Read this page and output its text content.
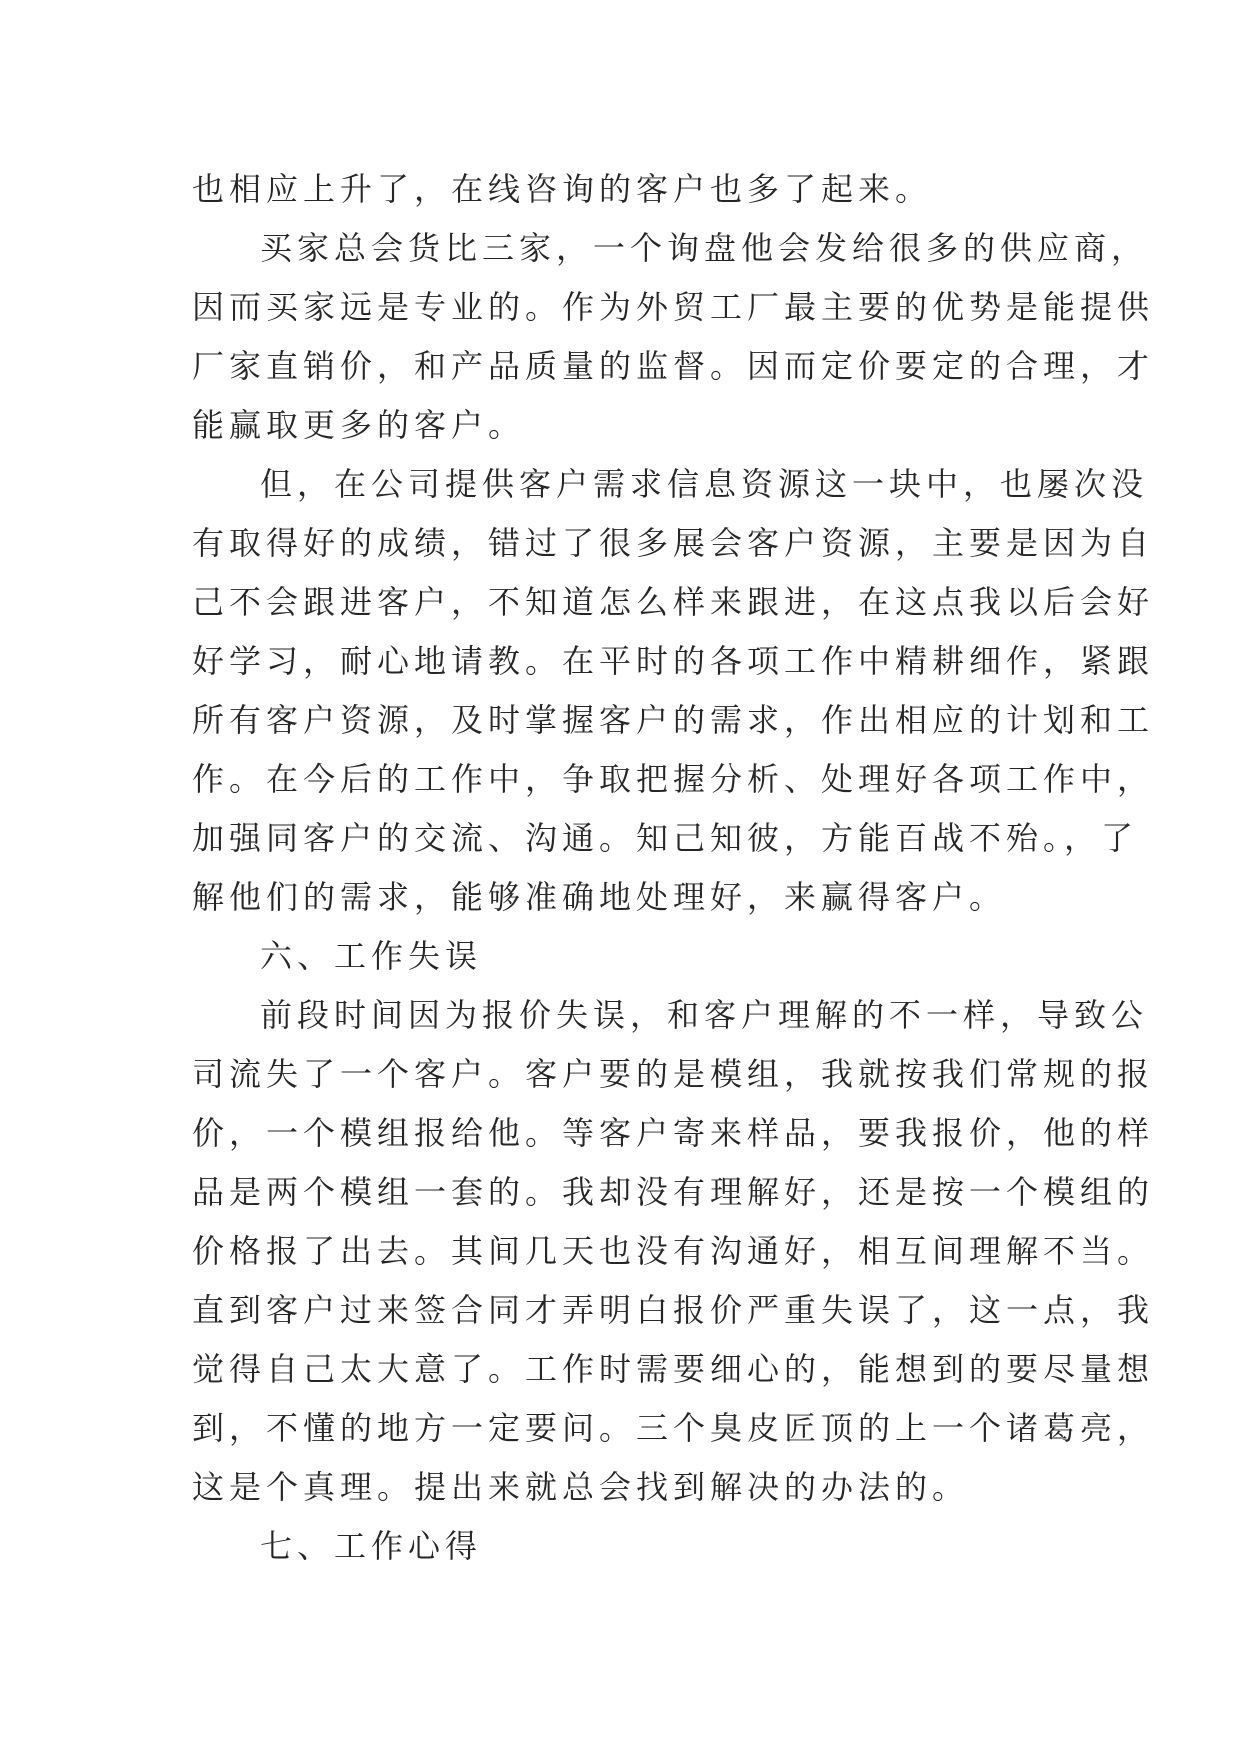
也相应上升了，在线咨询的客户也多了起来。
买家总会货比三家，一个询盘他会发给很多的供应商，
因而买家远是专业的。作为外贸工厂最主要的优势是能提供
厂家直销价，和产品质量的监督。因而定价要定的合理，才
能赢取更多的客户。
但，在公司提供客户需求信息资源这一块中，也屡次没
有取得好的成绩，错过了很多展会客户资源，主要是因为自
己不会跟进客户，不知道怎么样来跟进，在这点我以后会好
好学习，耐心地请教。在平时的各项工作中精耕细作，紧跟
所有客户资源，及时掌握客户的需求，作出相应的计划和工
作。在今后的工作中，争取把握分析、处理好各项工作中，
加强同客户的交流、沟通。知己知彼，方能百战不殆。，了
解他们的需求，能够准确地处理好，来赢得客户。
六、工作失误
前段时间因为报价失误，和客户理解的不一样，导致公
司流失了一个客户。客户要的是模组，我就按我们常规的报
价，一个模组报给他。等客户寄来样品，要我报价，他的样
品是两个模组一套的。我却没有理解好，还是按一个模组的
价格报了出去。其间几天也没有沟通好，相互间理解不当。
直到客户过来签合同才弄明白报价严重失误了，这一点，我
觉得自己太大意了。工作时需要细心的，能想到的要尽量想
到，不懂的地方一定要问。三个臭皮匠顶的上一个诸葛亮，
这是个真理。提出来就总会找到解决的办法的。
七、工作心得
